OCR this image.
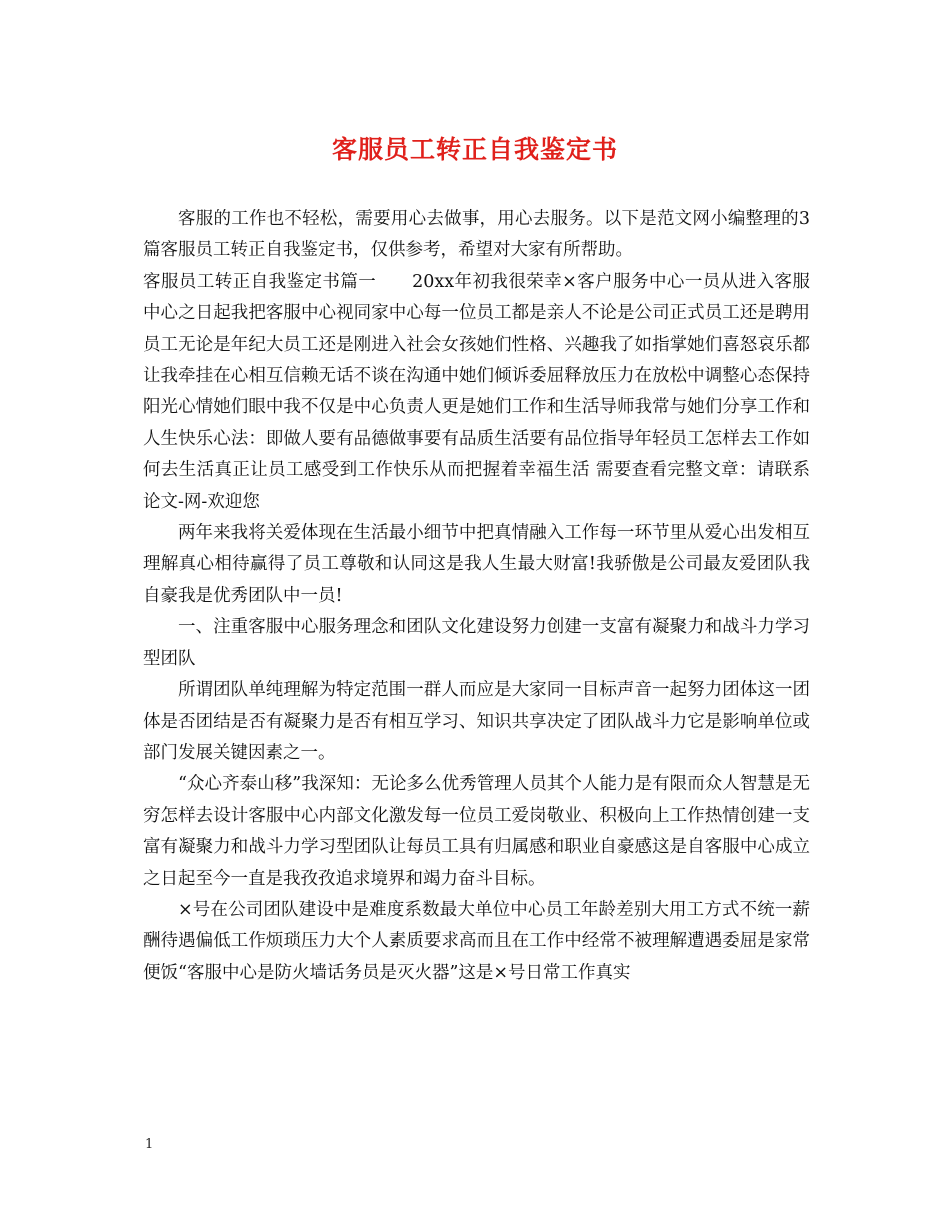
客服员工转正自我鉴定书

客服的工作也不轻松，需要用心去做事，用心去服务。以下是范文网小编整理的3篇客服员工转正自我鉴定书，仅供参考，希望对大家有所帮助。

客服员工转正自我鉴定书篇一　　20xx年初我很荣幸×客户服务中心一员从进入客服中心之日起我把客服中心视同家中心每一位员工都是亲人不论是公司正式员工还是聘用员工无论是年纪大员工还是刚进入社会女孩她们性格、兴趣我了如指掌她们喜怒哀乐都让我牵挂在心相互信赖无话不谈在沟通中她们倾诉委屈释放压力在放松中调整心态保持阳光心情她们眼中我不仅是中心负责人更是她们工作和生活导师我常与她们分享工作和人生快乐心法：即做人要有品德做事要有品质生活要有品位指导年轻员工怎样去工作如何去生活真正让员工感受到工作快乐从而把握着幸福生活 需要查看完整文章：请联系 论文-网-欢迎您

两年来我将关爱体现在生活最小细节中把真情融入工作每一环节里从爱心出发相互理解真心相待赢得了员工尊敬和认同这是我人生最大财富!我骄傲是公司最友爱团队我自豪我是优秀团队中一员!

一、注重客服中心服务理念和团队文化建设努力创建一支富有凝聚力和战斗力学习型团队

所谓团队单纯理解为特定范围一群人而应是大家同一目标声音一起努力团体这一团体是否团结是否有凝聚力是否有相互学习、知识共享决定了团队战斗力它是影响单位或部门发展关键因素之一。

“众心齐泰山移”我深知：无论多么优秀管理人员其个人能力是有限而众人智慧是无穷怎样去设计客服中心内部文化激发每一位员工爱岗敬业、积极向上工作热情创建一支富有凝聚力和战斗力学习型团队让每员工具有归属感和职业自豪感这是自客服中心成立之日起至今一直是我孜孜追求境界和竭力奋斗目标。

×号在公司团队建设中是难度系数最大单位中心员工年龄差别大用工方式不统一薪酬待遇偏低工作烦琐压力大个人素质要求高而且在工作中经常不被理解遭遇委屈是家常便饭“客服中心是防火墙话务员是灭火器”这是×号日常工作真实

1
